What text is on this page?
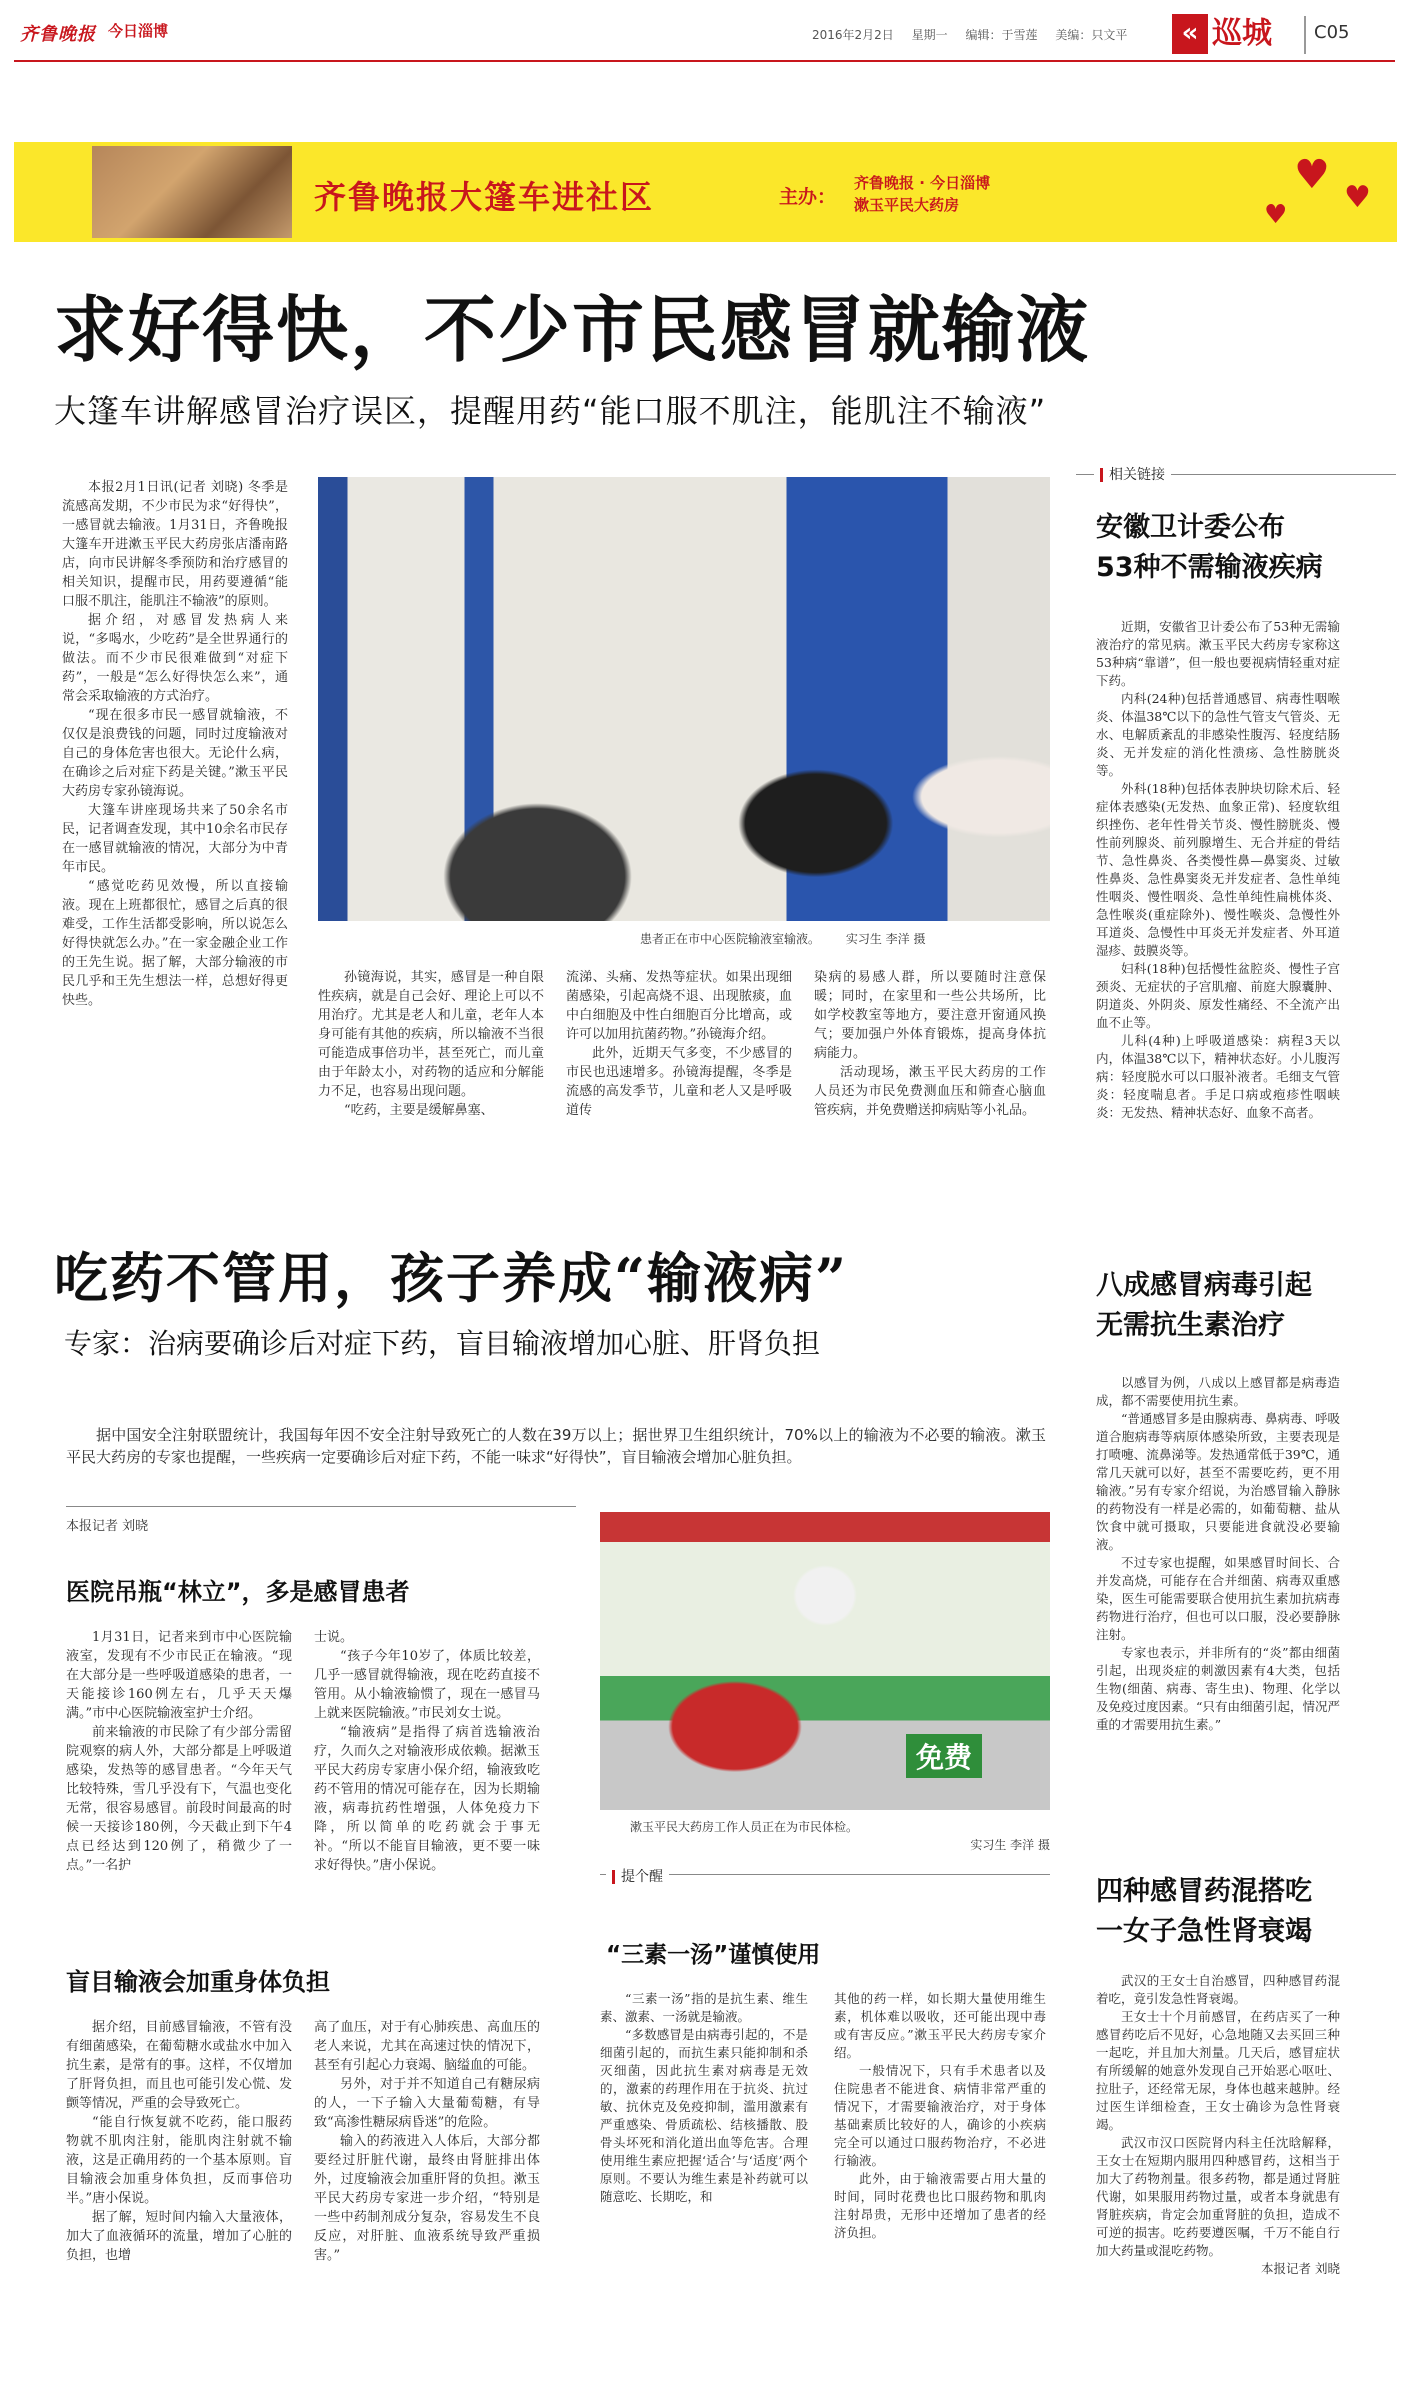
齐鲁晚报 今日淄博	2016年2月2日 星期一 编辑：于雪莲 美编：只文平	« 巡城 C05
齐鲁晚报大篷车进社区	主办：
齐鲁晚报 · 今日淄博
漱玉平民大药房
♥ ♥
♥
求好得快，不少市民感冒就输液
大篷车讲解感冒治疗误区，提醒用药“能口服不肌注，能肌注不输液”
本报2月1日讯(记者 刘晓) 冬季是流感高发期，不少市民为求“好得快”，一感冒就去输液。1月31日，齐鲁晚报大篷车开进漱玉平民大药房张店潘南路店，向市民讲解冬季预防和治疗感冒的相关知识，提醒市民，用药要遵循“能口服不肌注，能肌注不输液”的原则。
据介绍，对感冒发热病人来说，“多喝水，少吃药”是全世界通行的做法。而不少市民很难做到“对症下药”，一般是“怎么好得快怎么来”，通常会采取输液的方式治疗。
“现在很多市民一感冒就输液，不仅仅是浪费钱的问题，同时过度输液对自己的身体危害也很大。无论什么病，在确诊之后对症下药是关键。”漱玉平民大药房专家孙镜海说。
大篷车讲座现场共来了50余名市民，记者调查发现，其中10余名市民存在一感冒就输液的情况，大部分为中青年市民。
“感觉吃药见效慢，所以直接输液。现在上班都很忙，感冒之后真的很难受，工作生活都受影响，所以说怎么好得快就怎么办。”在一家金融企业工作的王先生说。据了解，大部分输液的市民几乎和王先生想法一样，总想好得更快些。
患者正在市中心医院输液室输液。 实习生 李洋 摄
孙镜海说，其实，感冒是一种自限性疾病，就是自己会好、理论上可以不用治疗。尤其是老人和儿童，老年人本身可能有其他的疾病，所以输液不当很可能造成事倍功半，甚至死亡，而儿童由于年龄太小，对药物的适应和分解能力不足，也容易出现问题。
“吃药，主要是缓解鼻塞、
流涕、头痛、发热等症状。如果出现细菌感染，引起高烧不退、出现脓痰，血中白细胞及中性白细胞百分比增高，或许可以加用抗菌药物。”孙镜海介绍。
此外，近期天气多变，不少感冒的市民也迅速增多。孙镜海提醒，冬季是流感的高发季节，儿童和老人又是呼吸道传
染病的易感人群，所以要随时注意保暖；同时，在家里和一些公共场所，比如学校教室等地方，要注意开窗通风换气；要加强户外体育锻炼，提高身体抗病能力。
活动现场，漱玉平民大药房的工作人员还为市民免费测血压和筛查心脑血管疾病，并免费赠送抑病贴等小礼品。
相关链接
安徽卫计委公布
53种不需输液疾病
近期，安徽省卫计委公布了53种无需输液治疗的常见病。漱玉平民大药房专家称这53种病“靠谱”，但一般也要视病情轻重对症下药。
内科(24种)包括普通感冒、病毒性咽喉炎、体温38℃以下的急性气管支气管炎、无水、电解质紊乱的非感染性腹泻、轻度结肠炎、无并发症的消化性溃疡、急性膀胱炎等。
外科(18种)包括体表肿块切除术后、轻症体表感染(无发热、血象正常)、轻度软组织挫伤、老年性骨关节炎、慢性膀胱炎、慢性前列腺炎、前列腺增生、无合并症的骨结节、急性鼻炎、各类慢性鼻—鼻窦炎、过敏性鼻炎、急性鼻窦炎无并发症者、急性单纯性咽炎、慢性咽炎、急性单纯性扁桃体炎、急性喉炎(重症除外)、慢性喉炎、急慢性外耳道炎、急慢性中耳炎无并发症者、外耳道湿疹、鼓膜炎等。
妇科(18种)包括慢性盆腔炎、慢性子宫颈炎、无症状的子宫肌瘤、前庭大腺囊肿、阴道炎、外阴炎、原发性痛经、不全流产出血不止等。
儿科(4种)上呼吸道感染：病程3天以内，体温38℃以下，精神状态好。小儿腹泻病：轻度脱水可以口服补液者。毛细支气管炎：轻度喘息者。手足口病或疱疹性咽峡炎：无发热、精神状态好、血象不高者。
八成感冒病毒引起
无需抗生素治疗
以感冒为例，八成以上感冒都是病毒造成，都不需要使用抗生素。
“普通感冒多是由腺病毒、鼻病毒、呼吸道合胞病毒等病原体感染所致，主要表现是打喷嚏、流鼻涕等。发热通常低于39℃，通常几天就可以好，甚至不需要吃药，更不用输液。”另有专家介绍说，为治感冒输入静脉的药物没有一样是必需的，如葡萄糖、盐从饮食中就可摄取，只要能进食就没必要输液。
不过专家也提醒，如果感冒时间长、合并发高烧，可能存在合并细菌、病毒双重感染，医生可能需要联合使用抗生素加抗病毒药物进行治疗，但也可以口服，没必要静脉注射。
专家也表示，并非所有的“炎”都由细菌引起，出现炎症的刺激因素有4大类，包括生物(细菌、病毒、寄生虫)、物理、化学以及免疫过度因素。“只有由细菌引起，情况严重的才需要用抗生素。”
四种感冒药混搭吃
一女子急性肾衰竭
武汉的王女士自治感冒，四种感冒药混着吃，竟引发急性肾衰竭。
王女士十个月前感冒，在药店买了一种感冒药吃后不见好，心急地随又去买回三种一起吃，并且加大剂量。几天后，感冒症状有所缓解的她意外发现自己开始恶心呕吐、拉肚子，还经常无尿，身体也越来越肿。经过医生详细检查，王女士确诊为急性肾衰竭。
武汉市汉口医院肾内科主任沈晗解释，王女士在短期内服用四种感冒药，这相当于加大了药物剂量。很多药物，都是通过肾脏代谢，如果服用药物过量，或者本身就患有肾脏疾病，肯定会加重肾脏的负担，造成不可逆的损害。吃药要遵医嘱，千万不能自行加大药量或混吃药物。
本报记者 刘晓
吃药不管用，孩子养成“输液病”
专家：治病要确诊后对症下药，盲目输液增加心脏、肝肾负担
据中国安全注射联盟统计，我国每年因不安全注射导致死亡的人数在39万以上；据世界卫生组织统计，70%以上的输液为不必要的输液。漱玉平民大药房的专家也提醒，一些疾病一定要确诊后对症下药，不能一味求“好得快”，盲目输液会增加心脏负担。
本报记者 刘晓
医院吊瓶“林立”，多是感冒患者
1月31日，记者来到市中心医院输液室，发现有不少市民正在输液。“现在大部分是一些呼吸道感染的患者，一天能接诊160例左右，几乎天天爆满。”市中心医院输液室护士介绍。
前来输液的市民除了有少部分需留院观察的病人外，大部分都是上呼吸道感染，发热等的感冒患者。“今年天气比较特殊，雪几乎没有下，气温也变化无常，很容易感冒。前段时间最高的时候一天接诊180例，今天截止到下午4点已经达到120例了，稍微少了一点。”一名护
士说。
“孩子今年10岁了，体质比较差，几乎一感冒就得输液，现在吃药直接不管用。从小输液输惯了，现在一感冒马上就来医院输液。”市民刘女士说。
“输液病”是指得了病首选输液治疗，久而久之对输液形成依赖。据漱玉平民大药房专家唐小保介绍，输液致吃药不管用的情况可能存在，因为长期输液，病毒抗药性增强，人体免疫力下降，所以简单的吃药就会于事无补。“所以不能盲目输液，更不要一味求好得快。”唐小保说。
盲目输液会加重身体负担
据介绍，目前感冒输液，不管有没有细菌感染，在葡萄糖水或盐水中加入抗生素，是常有的事。这样，不仅增加了肝肾负担，而且也可能引发心慌、发颤等情况，严重的会导致死亡。
“能自行恢复就不吃药，能口服药物就不肌肉注射，能肌肉注射就不输液，这是正确用药的一个基本原则。盲目输液会加重身体负担，反而事倍功半。”唐小保说。
据了解，短时间内输入大量液体，加大了血液循环的流量，增加了心脏的负担，也增
高了血压，对于有心肺疾患、高血压的老人来说，尤其在高速过快的情况下，甚至有引起心力衰竭、脑缢血的可能。
另外，对于并不知道自己有糖尿病的人，一下子输入大量葡萄糖，有导致“高渗性糖尿病昏迷”的危险。
输入的药液进入人体后，大部分都要经过肝脏代谢，最终由肾脏排出体外，过度输液会加重肝肾的负担。漱玉平民大药房专家进一步介绍，“特别是一些中药制剂成分复杂，容易发生不良反应，对肝脏、血液系统导致严重损害。”
免费
漱玉平民大药房工作人员正在为市民体检。
实习生 李洋 摄
提个醒
“三素一汤”谨慎使用
“三素一汤”指的是抗生素、维生素、激素、一汤就是输液。
“多数感冒是由病毒引起的，不是细菌引起的，而抗生素只能抑制和杀灭细菌，因此抗生素对病毒是无效的，激素的药理作用在于抗炎、抗过敏、抗休克及免疫抑制，滥用激素有严重感染、骨质疏松、结核播散、股骨头坏死和消化道出血等危害。合理使用维生素应把握‘适合’与‘适度’两个原则。不要认为维生素是补药就可以随意吃、长期吃，和
其他的药一样，如长期大量使用维生素，机体难以吸收，还可能出现中毒或有害反应。”漱玉平民大药房专家介绍。
一般情况下，只有手术患者以及住院患者不能进食、病情非常严重的情况下，才需要输液治疗，对于身体基础素质比较好的人，确诊的小疾病完全可以通过口服药物治疗，不必进行输液。
此外，由于输液需要占用大量的时间，同时花费也比口服药物和肌肉注射昂贵，无形中还增加了患者的经济负担。
